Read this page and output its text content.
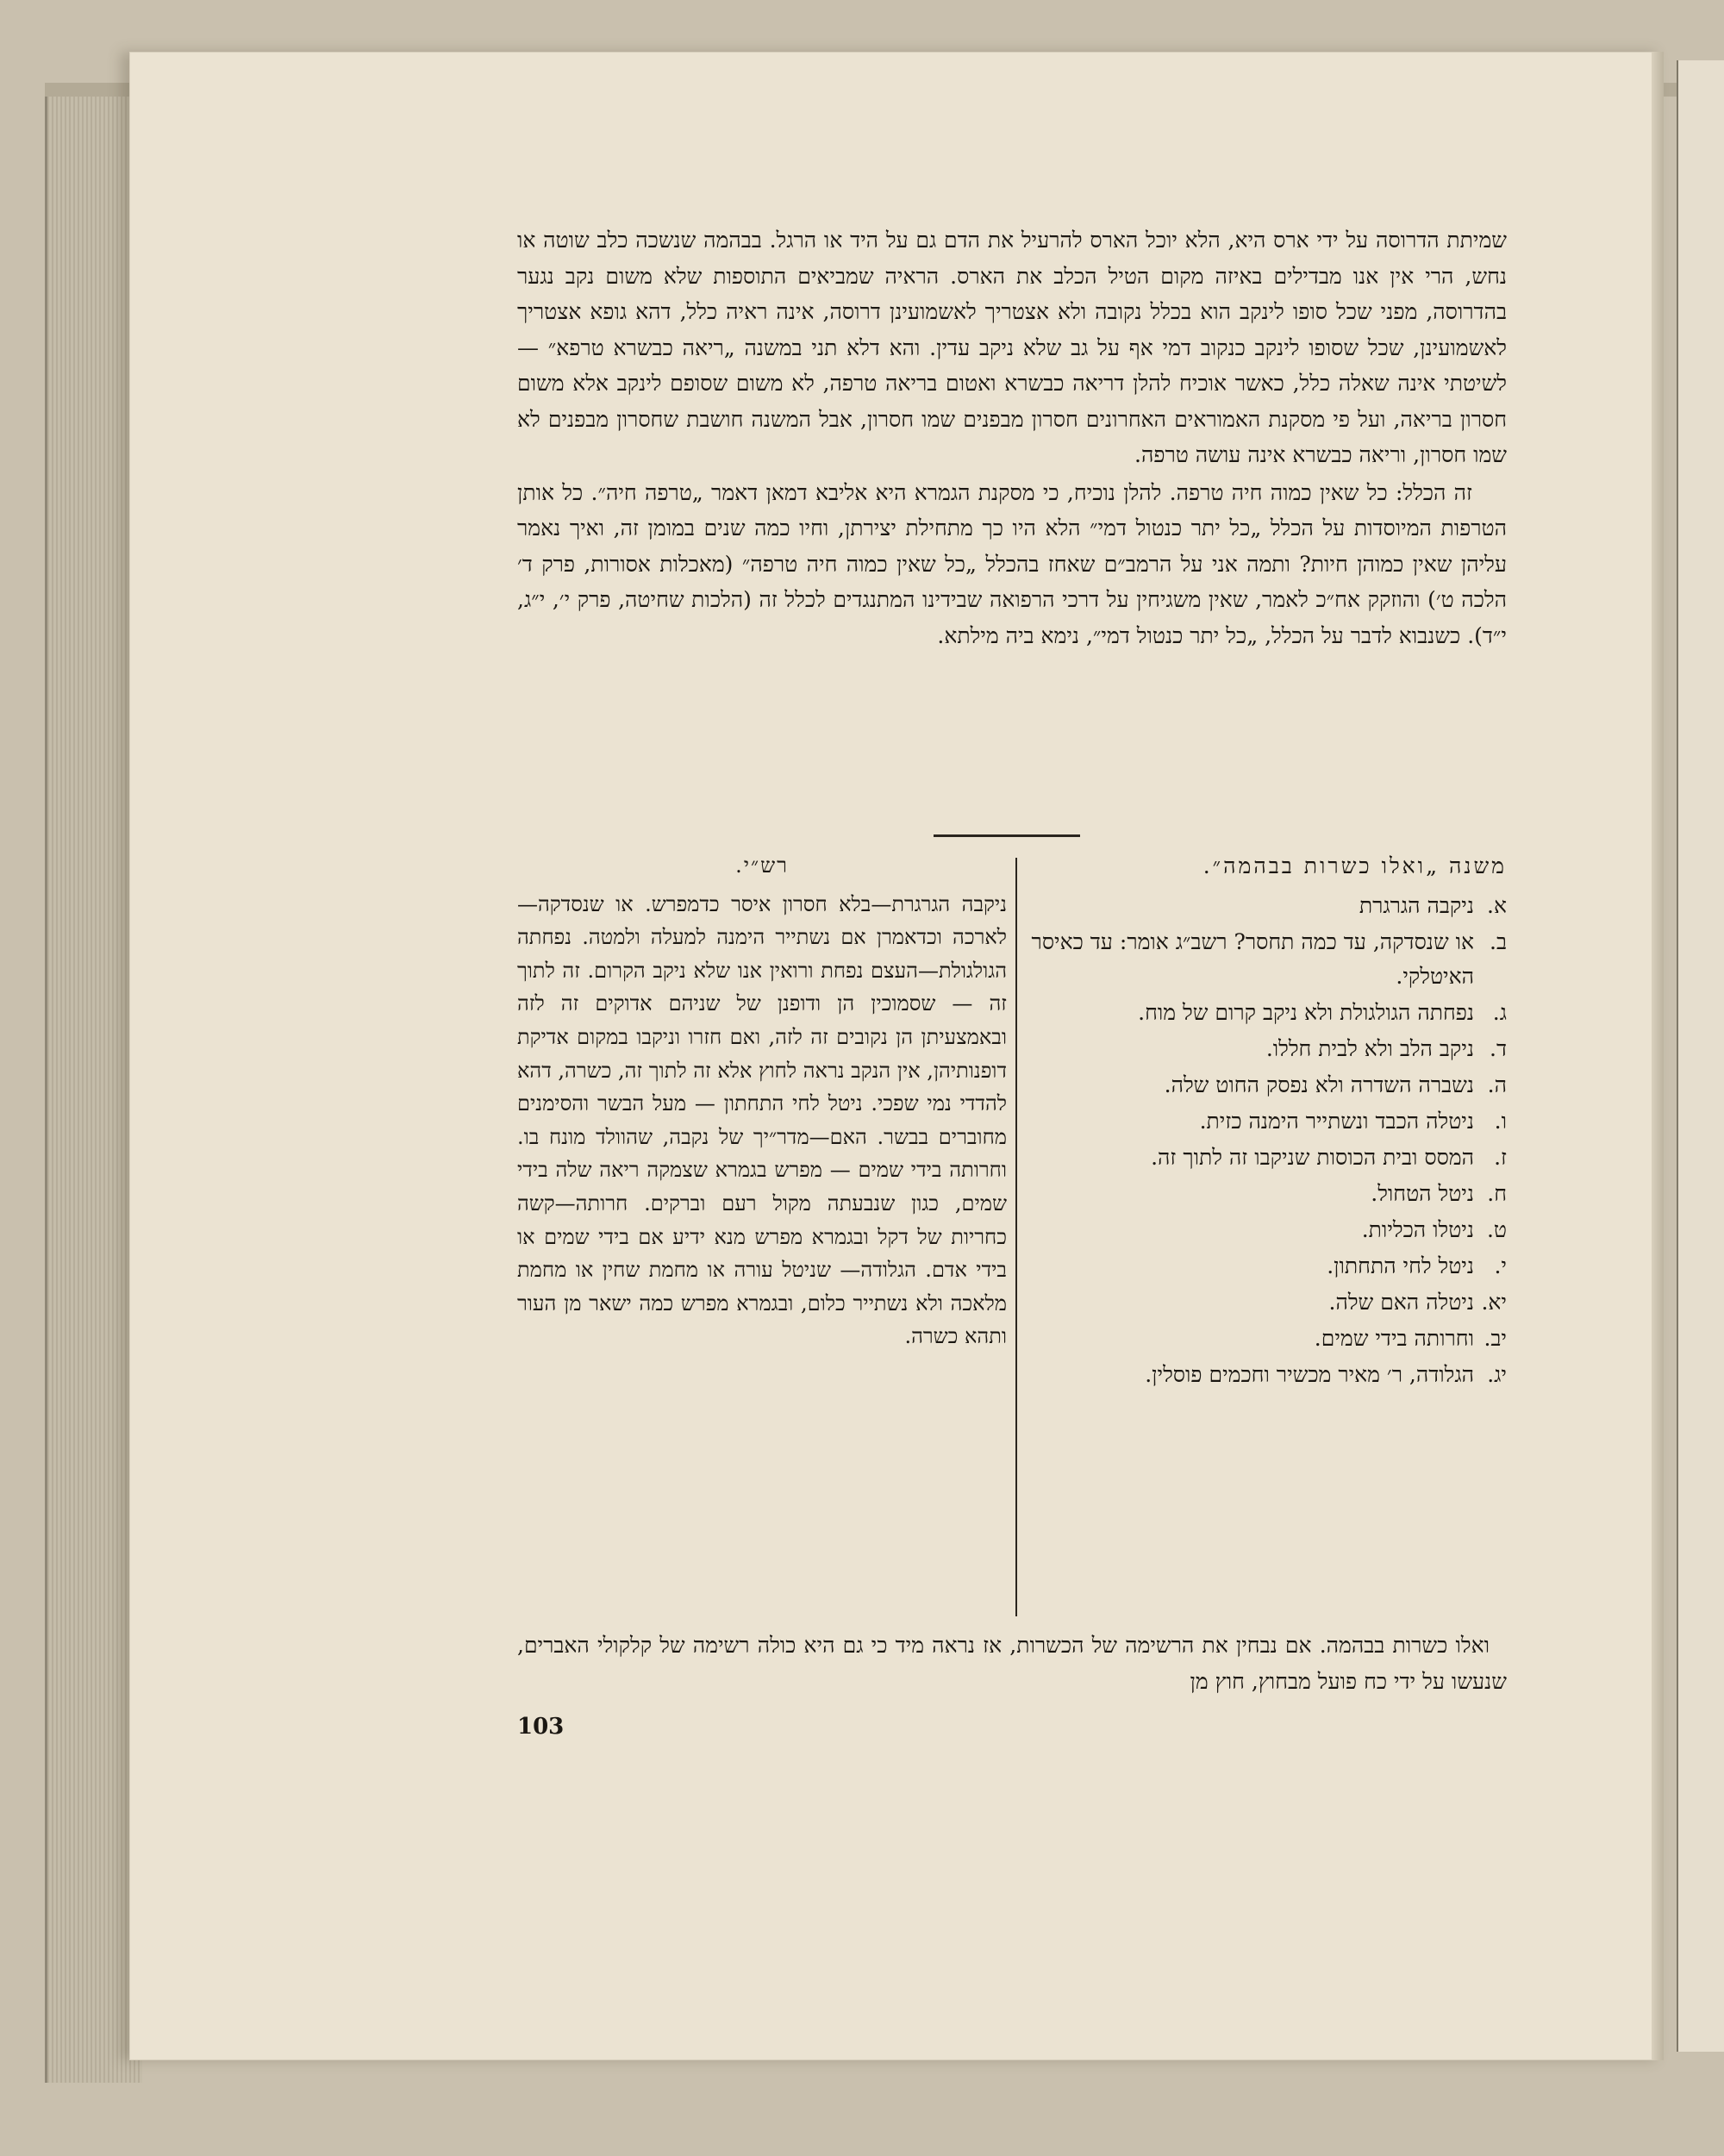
שמיתת הדרוסה על ידי ארס היא, הלא יוכל הארס להרעיל את הדם גם על היד או הרגל. בבהמה שנשכה כלב שוטה או נחש, הרי אין אנו מבדילים באיזה מקום הטיל הכלב את הארס. הראיה שמביאים התוספות שלא משום נקב נגער בהדרוסה, מפני שכל סופו לינקב הוא בכלל נקובה ולא אצטריך לאשמועינן דרוסה, אינה ראיה כלל, דהא גופא אצטריך לאשמועינן, שכל שסופו לינקב כנקוב דמי אף על גב שלא ניקב עדין. והא דלא תני במשנה „ריאה כבשרא טרפא״ — לשיטתי אינה שאלה כלל, כאשר אוכיח להלן דריאה כבשרא ואטום בריאה טרפה, לא משום שסופם לינקב אלא משום חסרון בריאה, ועל פי מסקנת האמוראים האחרונים חסרון מבפנים שמו חסרון, אבל המשנה חושבת שחסרון מבפנים לא שמו חסרון, וריאה כבשרא אינה עושה טרפה.

זה הכלל: כל שאין כמוה חיה טרפה. להלן נוכיח, כי מסקנת הגמרא היא אליבא דמאן דאמר „טרפה חיה״. כל אותן הטרפות המיוסדות על הכלל „כל יתר כנטול דמי״ הלא היו כך מתחילת יצירתן, וחיו כמה שנים במומן זה, ואיך נאמר עליהן שאין כמוהן חיות? ותמה אני על הרמב״ם שאחז בהכלל „כל שאין כמוה חיה טרפה״ (מאכלות אסורות, פרק ד׳ הלכה ט׳) והוזקק אח״כ לאמר, שאין משגיחין על דרכי הרפואה שבידינו המתנגדים לכלל זה (הלכות שחיטה, פרק י׳, י״ג, י״ד). כשנבוא לדבר על הכלל, „כל יתר כנטול דמי״, נימא ביה מילתא.

משנה „ואלו כשרות בבהמה״.

א.
ניקבה הגרגרת
ב.
או שנסדקה, עד כמה תחסר? רשב״ג אומר: עד כאיסר האיטלקי.
ג.
נפחתה הגולגולת ולא ניקב קרום של מוח.
ד.
ניקב הלב ולא לבית חללו.
ה.
נשברה השדרה ולא נפסק החוט שלה.
ו.
ניטלה הכבד ונשתייר הימנה כזית.
ז.
המסס ובית הכוסות שניקבו זה לתוך זה.
ח.
ניטל הטחול.
ט.
ניטלו הכליות.
י.
ניטל לחי התחתון.
יא.
ניטלה האם שלה.
יב.
וחרותה בידי שמים.
יג.
הגלודה, ר׳ מאיר מכשיר וחכמים פוסלין.

רש״י.

ניקבה הגרגרת—בלא חסרון איסר כדמפרש. או שנסדקה—לארכה וכדאמרן אם נשתייר הימנה למעלה ולמטה. נפחתה הגולגולת—העצם נפחת ורואין אנו שלא ניקב הקרום. זה לתוך זה — שסמוכין הן ודופנן של שניהם אדוקים זה לזה ובאמצעיתן הן נקובים זה לזה, ואם חזרו וניקבו במקום אדיקת דופנותיהן, אין הנקב נראה לחוץ אלא זה לתוך זה, כשרה, דהא להדדי נמי שפכי. ניטל לחי התחתון — מעל הבשר והסימנים מחוברים בבשר. האם—מדר״יך של נקבה, שהוולד מונח בו. וחרותה בידי שמים — מפרש בגמרא שצמקה ריאה שלה בידי שמים, כגון שנבעתה מקול רעם וברקים. חרותה—קשה כחריות של דקל ובגמרא מפרש מנא ידיע אם בידי שמים או בידי אדם. הגלודה— שניטל עורה או מחמת שחין או מחמת מלאכה ולא נשתייר כלום, ובגמרא מפרש כמה ישאר מן העור ותהא כשרה.

ואלו כשרות בבהמה. אם נבחין את הרשימה של הכשרות, אז נראה מיד כי גם היא כולה רשימה של קלקולי האברים, שנעשו על ידי כח פועל מבחוץ, חוץ מן

103
